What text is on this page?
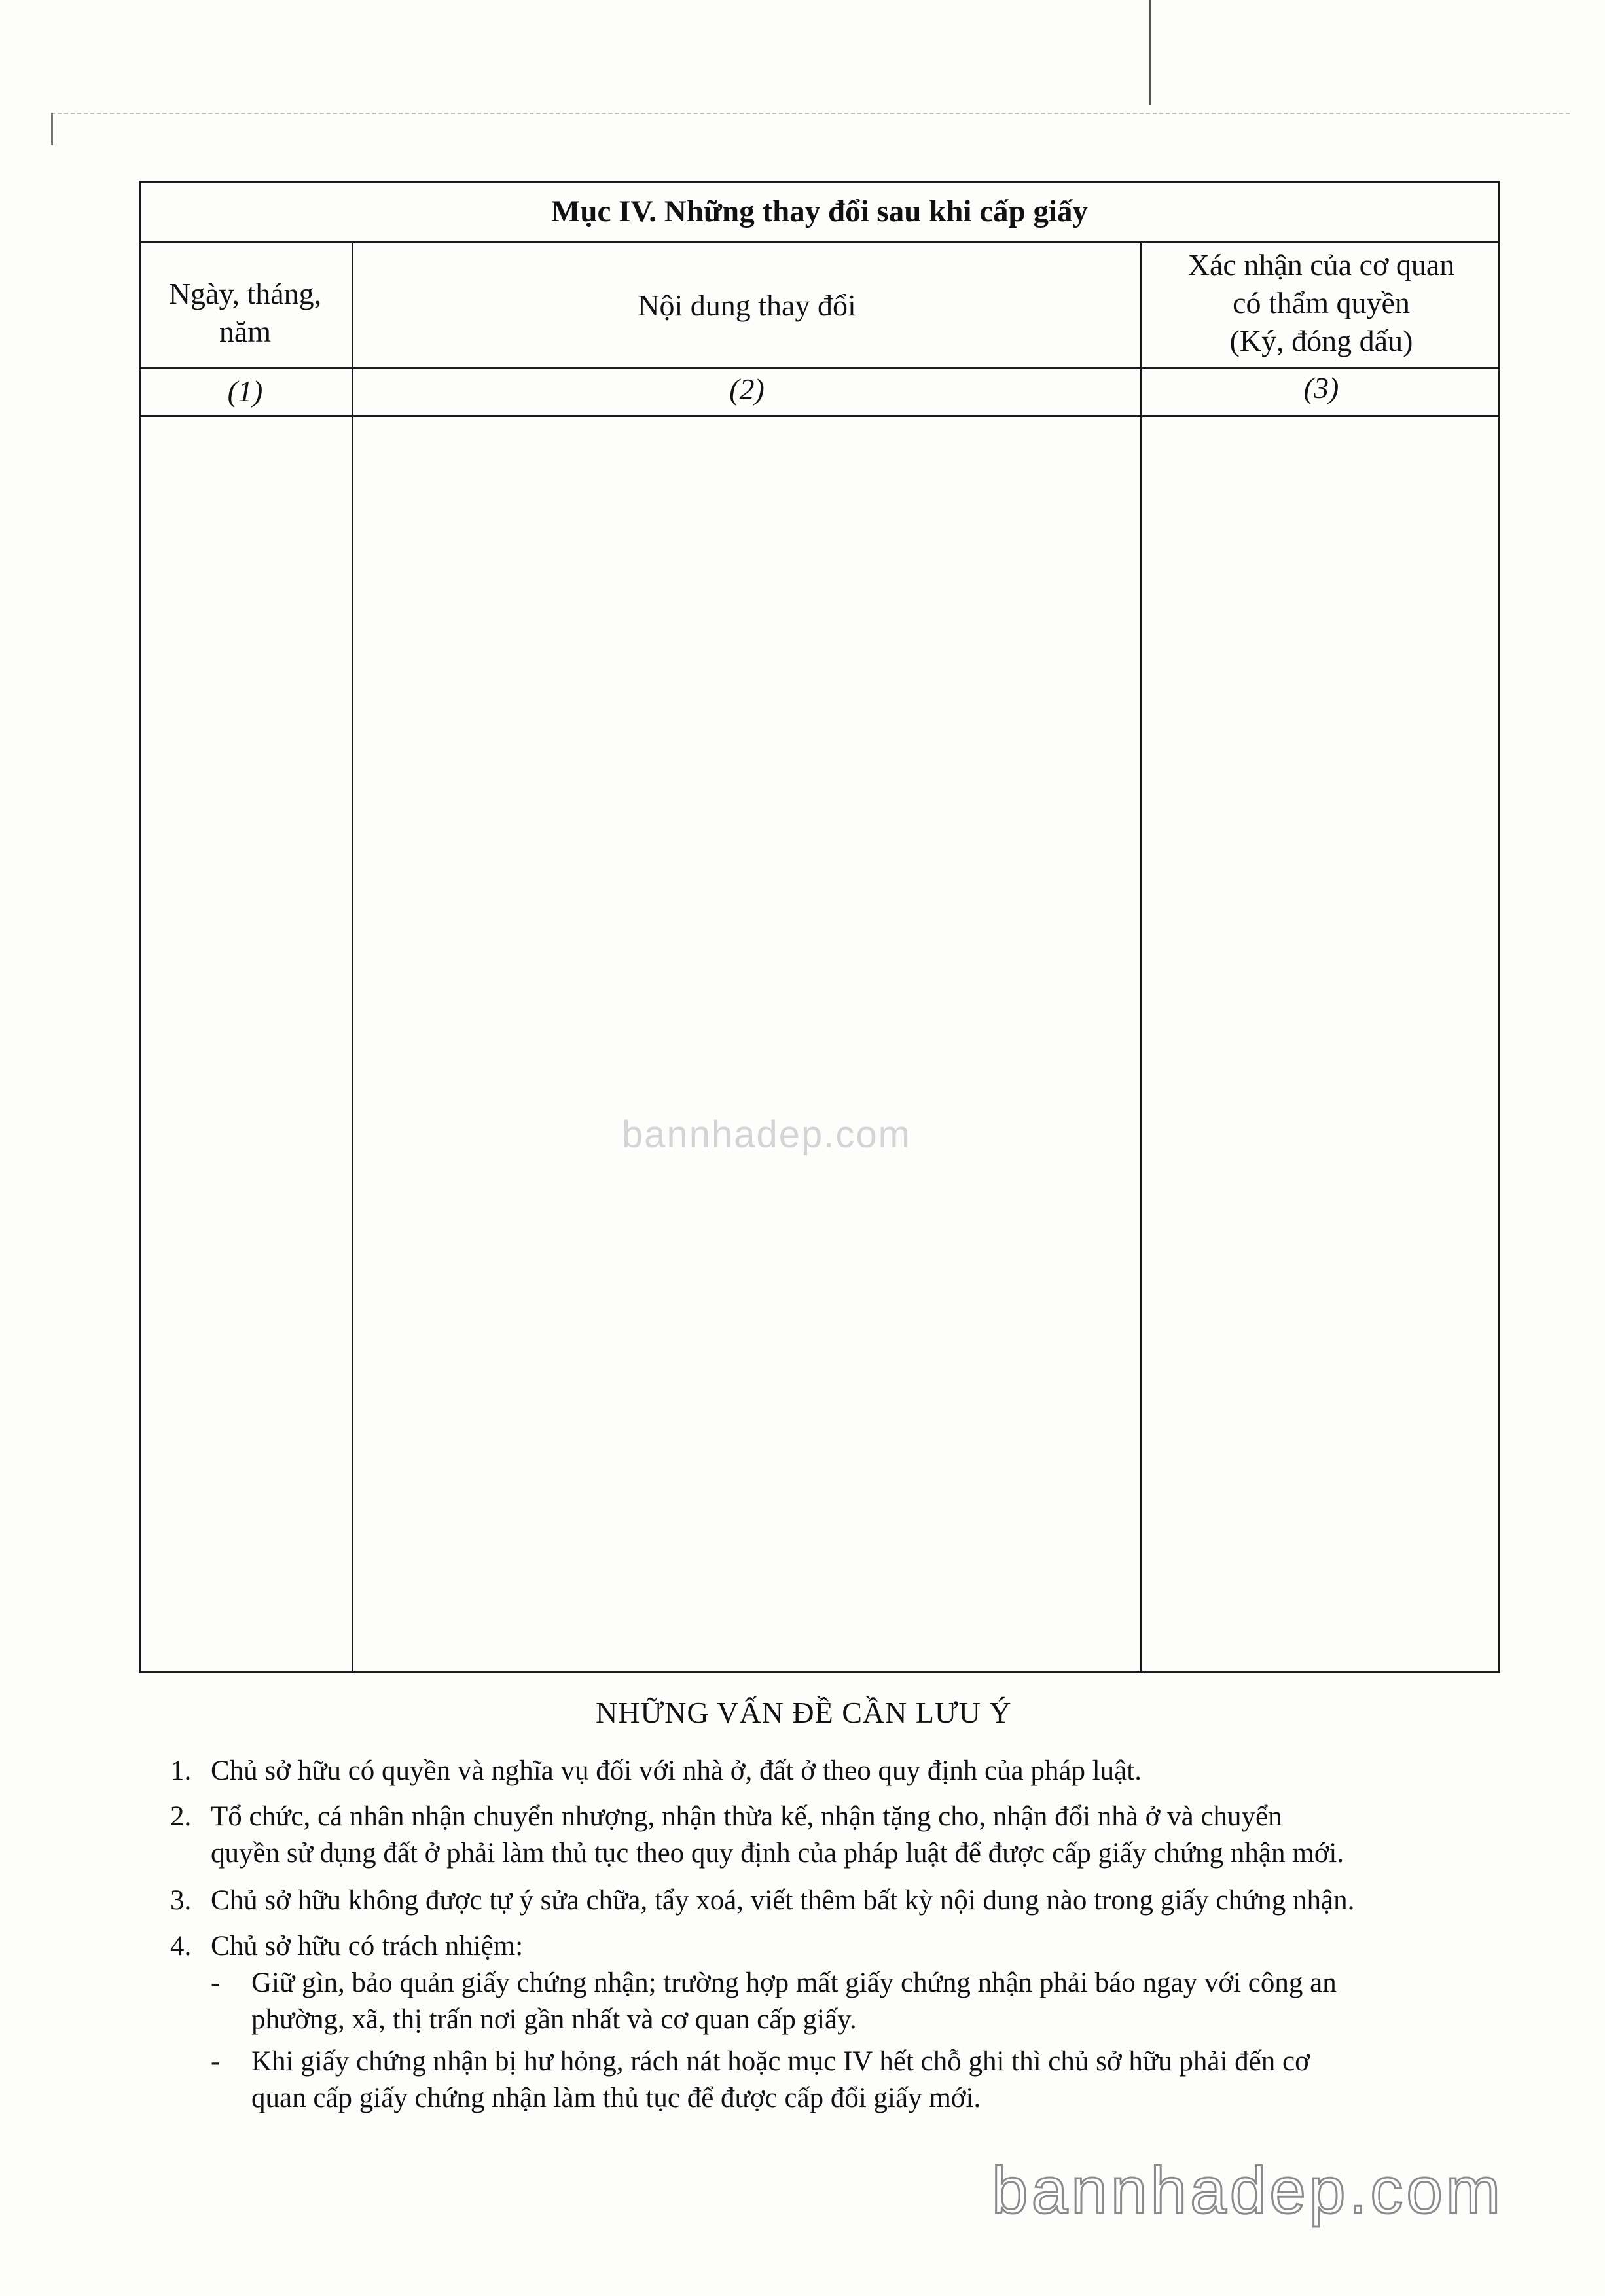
Mục IV. Những thay đổi sau khi cấp giấy
Ngày, tháng,
năm
Nội dung thay đổi
Xác nhận của cơ quan
có thẩm quyền
(Ký, đóng dấu)
(1)	(2)	(3)
NHỮNG VẤN ĐỀ CẦN LƯU Ý
1. Chủ sở hữu có quyền và nghĩa vụ đối với nhà ở, đất ở theo quy định của pháp luật.
2. Tổ chức, cá nhân nhận chuyển nhượng, nhận thừa kế, nhận tặng cho, nhận đổi nhà ở và chuyển
quyền sử dụng đất ở phải làm thủ tục theo quy định của pháp luật để được cấp giấy chứng nhận mới.
3. Chủ sở hữu không được tự ý sửa chữa, tẩy xoá, viết thêm bất kỳ nội dung nào trong giấy chứng nhận.
4. Chủ sở hữu có trách nhiệm:
- Giữ gìn, bảo quản giấy chứng nhận; trường hợp mất giấy chứng nhận phải báo ngay với công an
phường, xã, thị trấn nơi gần nhất và cơ quan cấp giấy.
- Khi giấy chứng nhận bị hư hỏng, rách nát hoặc mục IV hết chỗ ghi thì chủ sở hữu phải đến cơ
quan cấp giấy chứng nhận làm thủ tục để được cấp đổi giấy mới.
bannhadep.com
bannhadep.com
